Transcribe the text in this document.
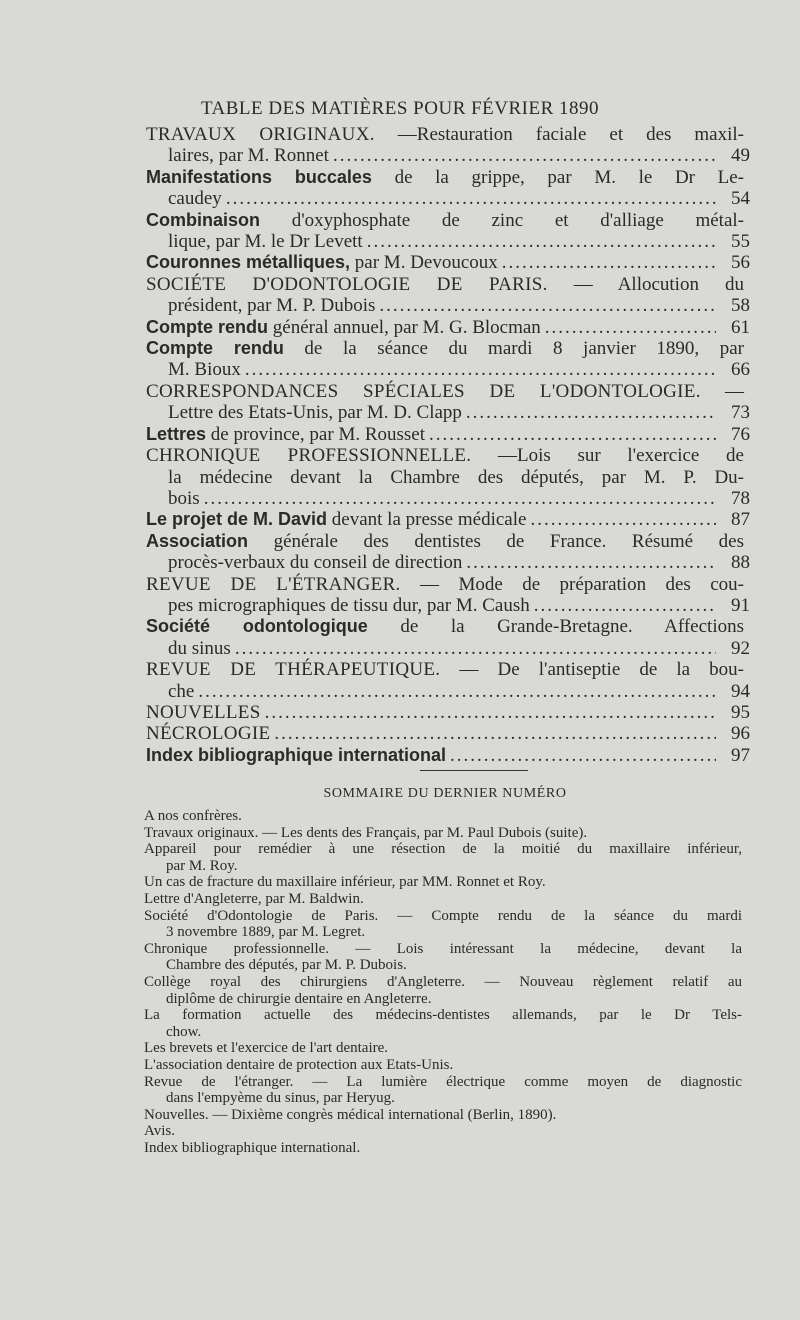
TABLE DES MATIÈRES POUR FÉVRIER 1890
TRAVAUX ORIGINAUX. —Restauration faciale et des maxil-
laires, par M. Ronnet .....	49
Manifestations buccales de la grippe, par M. le Dr Le-
caudey .....	54
Combinaison d'oxyphosphate de zinc et d'alliage métal-
lique, par M. le Dr Levett .....	55
Couronnes métalliques, par M. Devoucoux .....	56
SOCIÉTE D'ODONTOLOGIE DE PARIS. — Allocution du
président, par M. P. Dubois .....	58
Compte rendu général annuel, par M. G. Blocman .....	61
Compte rendu de la séance du mardi 8 janvier 1890, par
M. Bioux .....	66
CORRESPONDANCES SPÉCIALES DE L'ODONTOLOGIE. —
Lettre des Etats-Unis, par M. D. Clapp .....	73
Lettres de province, par M. Rousset .....	76
CHRONIQUE PROFESSIONNELLE. —Lois sur l'exercice de
la médecine devant la Chambre des députés, par M. P. Du-
bois .....	78
Le projet de M. David devant la presse médicale .....	87
Association générale des dentistes de France. Résumé des
procès-verbaux du conseil de direction .....	88
REVUE DE L'ÉTRANGER. — Mode de préparation des cou-
pes micrographiques de tissu dur, par M. Caush .....	91
Société odontologique de la Grande-Bretagne. Affections
du sinus .....	92
REVUE DE THÉRAPEUTIQUE. — De l'antiseptie de la bou-
che .....	94
NOUVELLES .....	95
NÉCROLOGIE .....	96
Index bibliographique international .....	97
SOMMAIRE DU DERNIER NUMÉRO
A nos confrères.
Travaux originaux. — Les dents des Français, par M. Paul Dubois (suite).
Appareil pour remédier à une résection de la moitié du maxillaire inférieur,
par M. Roy.
Un cas de fracture du maxillaire inférieur, par MM. Ronnet et Roy.
Lettre d'Angleterre, par M. Baldwin.
Société d'Odontologie de Paris. — Compte rendu de la séance du mardi
3 novembre 1889, par M. Legret.
Chronique professionnelle. — Lois intéressant la médecine, devant la
Chambre des députés, par M. P. Dubois.
Collège royal des chirurgiens d'Angleterre. — Nouveau règlement relatif au
diplôme de chirurgie dentaire en Angleterre.
La formation actuelle des médecins-dentistes allemands, par le Dr Tels-
chow.
Les brevets et l'exercice de l'art dentaire.
L'association dentaire de protection aux Etats-Unis.
Revue de l'étranger. — La lumière électrique comme moyen de diagnostic
dans l'empyème du sinus, par Heryug.
Nouvelles. — Dixième congrès médical international (Berlin, 1890).
Avis.
Index bibliographique international.
